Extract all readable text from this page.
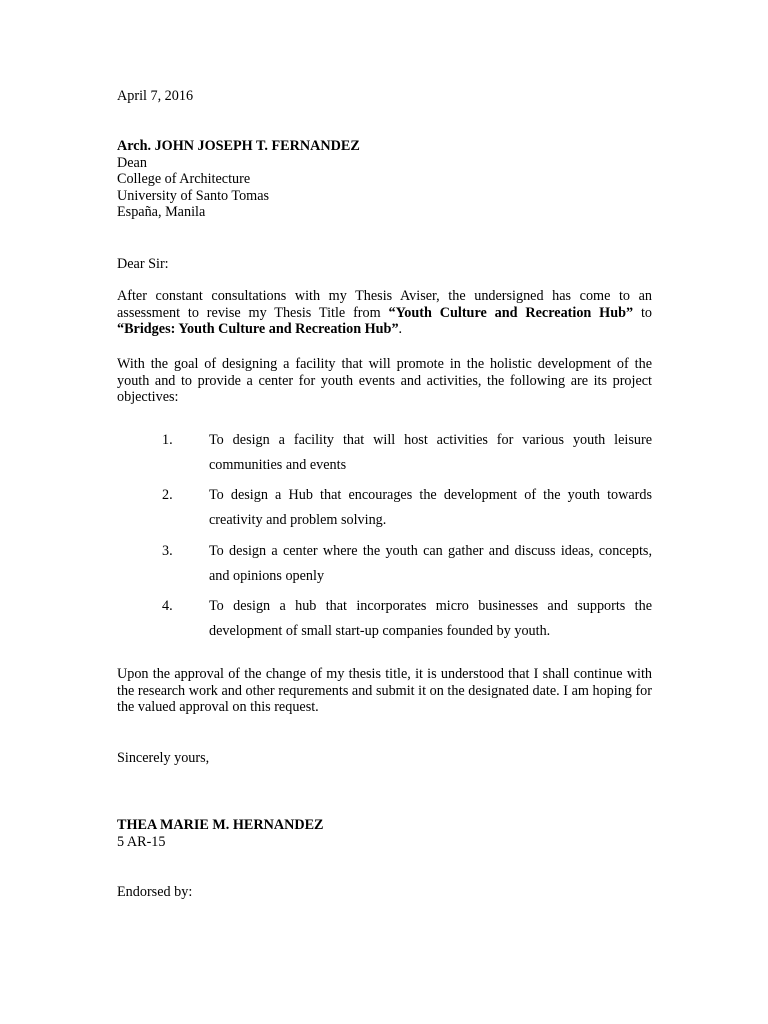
April 7, 2016

Arch. JOHN JOSEPH T. FERNANDEZ
Dean
College of Architecture
University of Santo Tomas
España, Manila

Dear Sir:

After constant consultations with my Thesis Aviser, the undersigned has come to an assessment to revise my Thesis Title from “Youth Culture and Recreation Hub” to “Bridges: Youth Culture and Recreation Hub”.

With the goal of designing a facility that will promote in the holistic development of the youth and to provide a center for youth events and activities, the following are its project objectives:

1.	To design a facility that will host activities for various youth leisure communities and events
2.	To design a Hub that encourages the development of the youth towards creativity and problem solving.
3.	To design a center where the youth can gather and discuss ideas, concepts, and opinions openly
4.	To design a hub that incorporates micro businesses and supports the development of small start-up companies founded by youth.

Upon the approval of the change of my thesis title, it is understood that I shall continue with the research work and other requrements and submit it on the designated date. I am hoping for the valued approval on this request.

Sincerely yours,

THEA MARIE M. HERNANDEZ
5 AR-15

Endorsed by:
